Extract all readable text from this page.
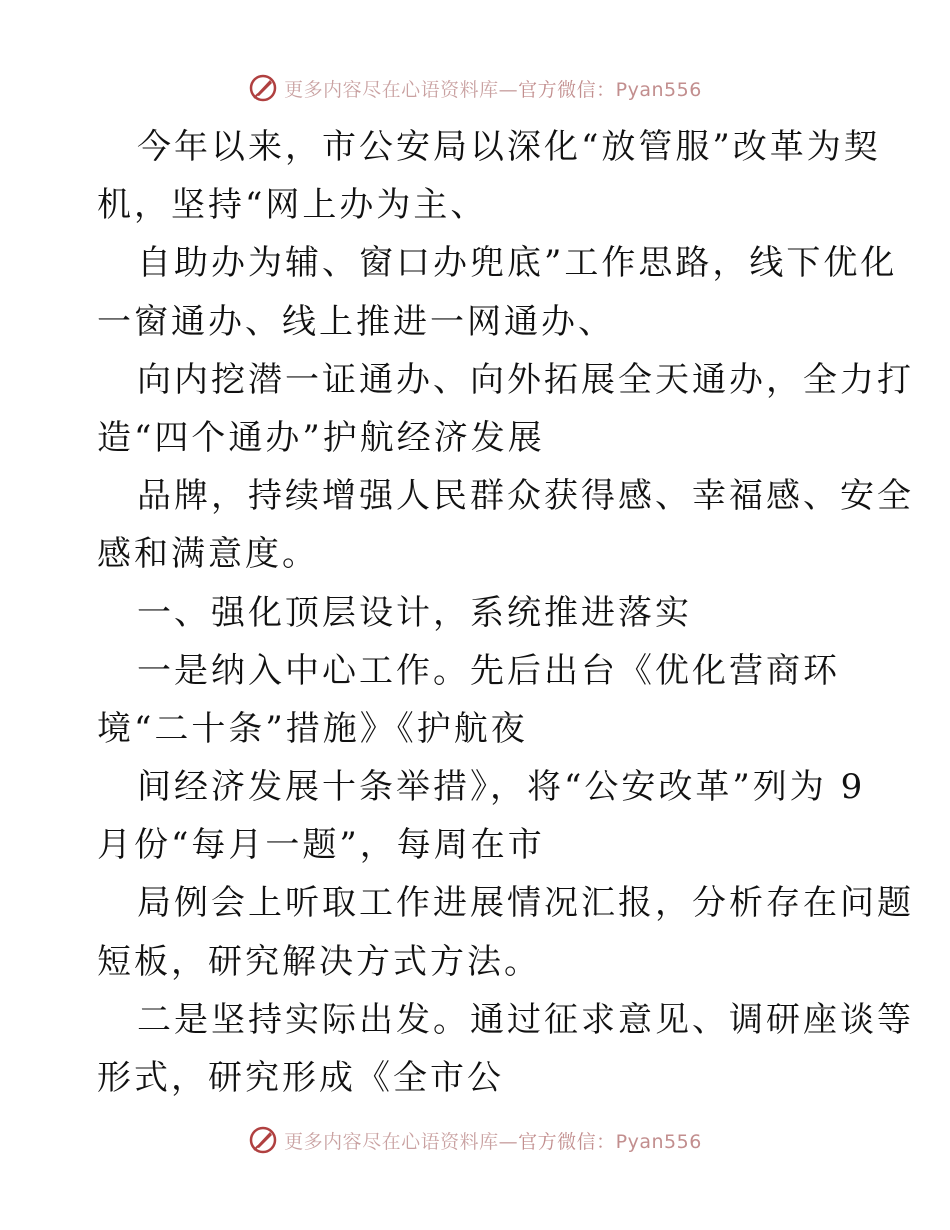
更多内容尽在心语资料库—官方微信：Pyan556
今年以来，市公安局以深化“放管服”改革为契
机，坚持“网上办为主、
自助办为辅、窗口办兜底”工作思路，线下优化
一窗通办、线上推进一网通办、
向内挖潜一证通办、向外拓展全天通办，全力打
造“四个通办”护航经济发展
品牌，持续增强人民群众获得感、幸福感、安全
感和满意度。
一、强化顶层设计，系统推进落实
一是纳入中心工作。先后出台《优化营商环
境“二十条”措施》《护航夜
间经济发展十条举措》，将“公安改革”列为 9
月份“每月一题”，每周在市
局例会上听取工作进展情况汇报，分析存在问题
短板，研究解决方式方法。
二是坚持实际出发。通过征求意见、调研座谈等
形式，研究形成《全市公
更多内容尽在心语资料库—官方微信：Pyan556
